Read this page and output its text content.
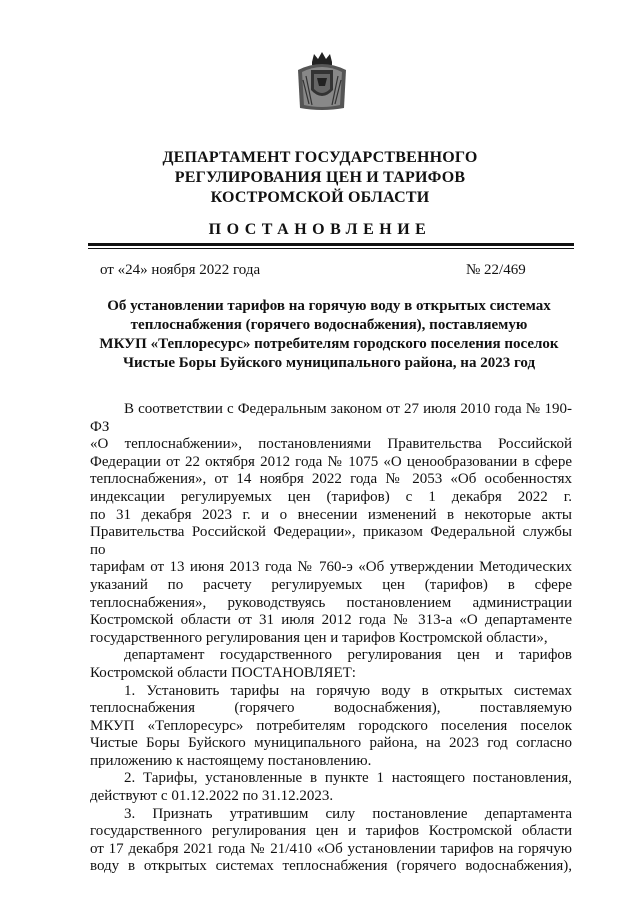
ДЕПАРТАМЕНТ ГОСУДАРСТВЕННОГО
РЕГУЛИРОВАНИЯ ЦЕН И ТАРИФОВ
КОСТРОМСКОЙ ОБЛАСТИ
ПОСТАНОВЛЕНИЕ
от «24» ноября 2022 года	№ 22/469
Об установлении тарифов на горячую воду в открытых системах
теплоснабжения (горячего водоснабжения), поставляемую
МКУП «Теплоресурс» потребителям городского поселения поселок
Чистые Боры Буйского муниципального района, на 2023 год

В соответствии с Федеральным законом от 27 июля 2010 года № 190-ФЗ

«О теплоснабжении», постановлениями Правительства Российской

Федерации от 22 октября 2012 года № 1075 «О ценообразовании в сфере

теплоснабжения», от 14 ноября 2022 года № 2053 «Об особенностях

индексации регулируемых цен (тарифов) с 1 декабря 2022 г.

по 31 декабря 2023 г. и о внесении изменений в некоторые акты

Правительства Российской Федерации», приказом Федеральной службы по

тарифам от 13 июня 2013 года № 760-э «Об утверждении Методических

указаний по расчету регулируемых цен (тарифов) в сфере

теплоснабжения», руководствуясь постановлением администрации

Костромской области от 31 июля 2012 года № 313-а «О департаменте

государственного регулирования цен и тарифов Костромской области»,

департамент государственного регулирования цен и тарифов

Костромской области ПОСТАНОВЛЯЕТ:

1. Установить тарифы на горячую воду в открытых системах

теплоснабжения (горячего водоснабжения), поставляемую

МКУП «Теплоресурс» потребителям городского поселения поселок

Чистые Боры Буйского муниципального района, на 2023 год согласно

приложению к настоящему постановлению.

2. Тарифы, установленные в пункте 1 настоящего постановления,

действуют с 01.12.2022 по 31.12.2023.

3. Признать утратившим силу постановление департамента

государственного регулирования цен и тарифов Костромской области

от 17 декабря 2021 года № 21/410 «Об установлении тарифов на горячую

воду в открытых системах теплоснабжения (горячего водоснабжения),
